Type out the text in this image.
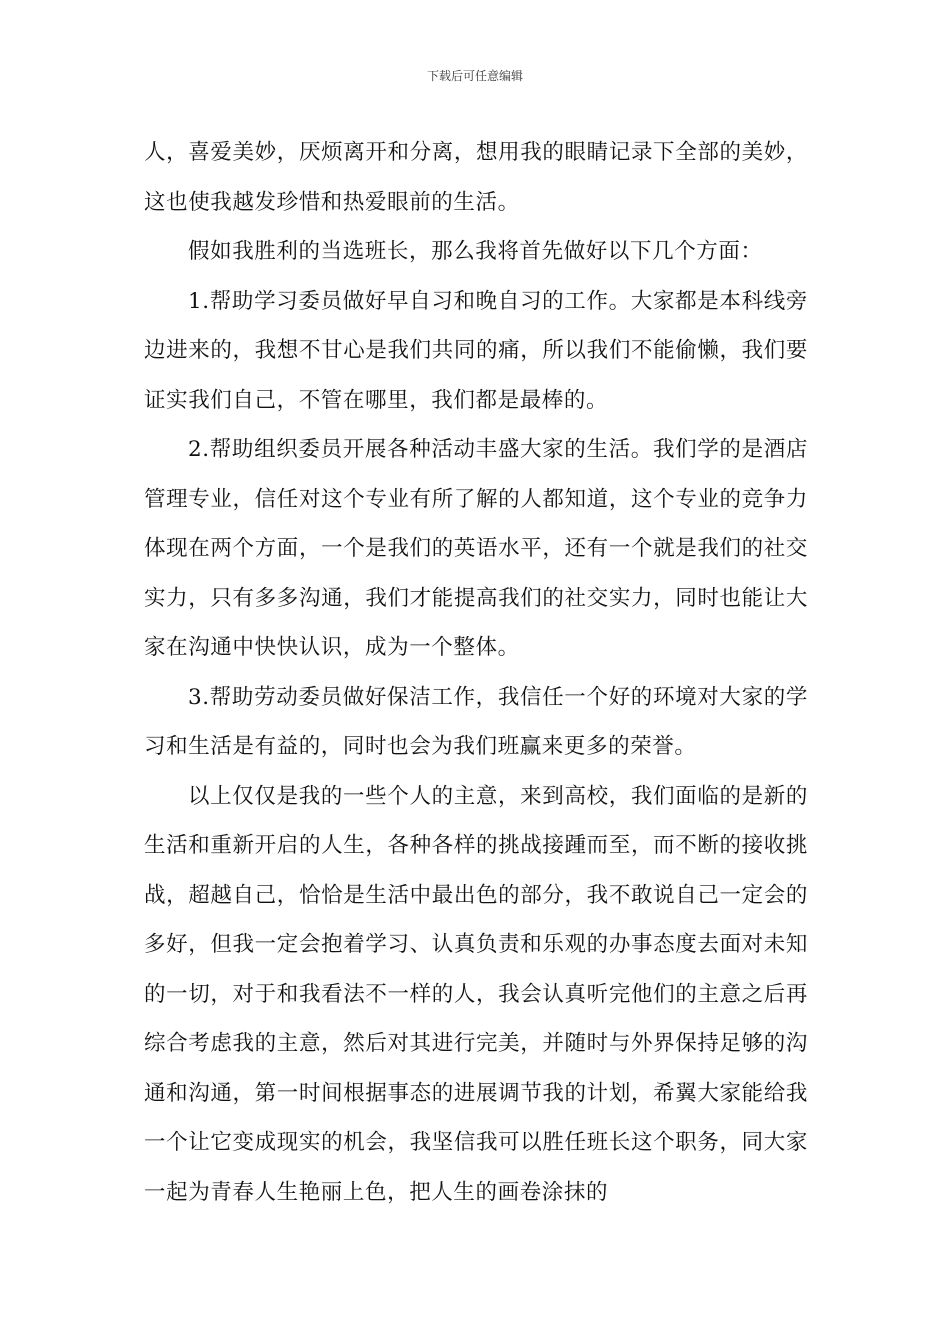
下载后可任意编辑

人，喜爱美妙，厌烦离开和分离，想用我的眼睛记录下全部的美妙，这也使我越发珍惜和热爱眼前的生活。

假如我胜利的当选班长，那么我将首先做好以下几个方面：

1.帮助学习委员做好早自习和晚自习的工作。大家都是本科线旁边进来的，我想不甘心是我们共同的痛，所以我们不能偷懒，我们要证实我们自己，不管在哪里，我们都是最棒的。

2.帮助组织委员开展各种活动丰盛大家的生活。我们学的是酒店管理专业，信任对这个专业有所了解的人都知道，这个专业的竞争力体现在两个方面，一个是我们的英语水平，还有一个就是我们的社交实力，只有多多沟通，我们才能提高我们的社交实力，同时也能让大家在沟通中快快认识，成为一个整体。

3.帮助劳动委员做好保洁工作，我信任一个好的环境对大家的学习和生活是有益的，同时也会为我们班赢来更多的荣誉。

以上仅仅是我的一些个人的主意，来到高校，我们面临的是新的生活和重新开启的人生，各种各样的挑战接踵而至，而不断的接收挑战，超越自己，恰恰是生活中最出色的部分，我不敢说自己一定会的多好，但我一定会抱着学习、认真负责和乐观的办事态度去面对未知的一切，对于和我看法不一样的人，我会认真听完他们的主意之后再综合考虑我的主意，然后对其进行完美，并随时与外界保持足够的沟通和沟通，第一时间根据事态的进展调节我的计划，希翼大家能给我一个让它变成现实的机会，我坚信我可以胜任班长这个职务，同大家一起为青春人生艳丽上色，把人生的画卷涂抹的
